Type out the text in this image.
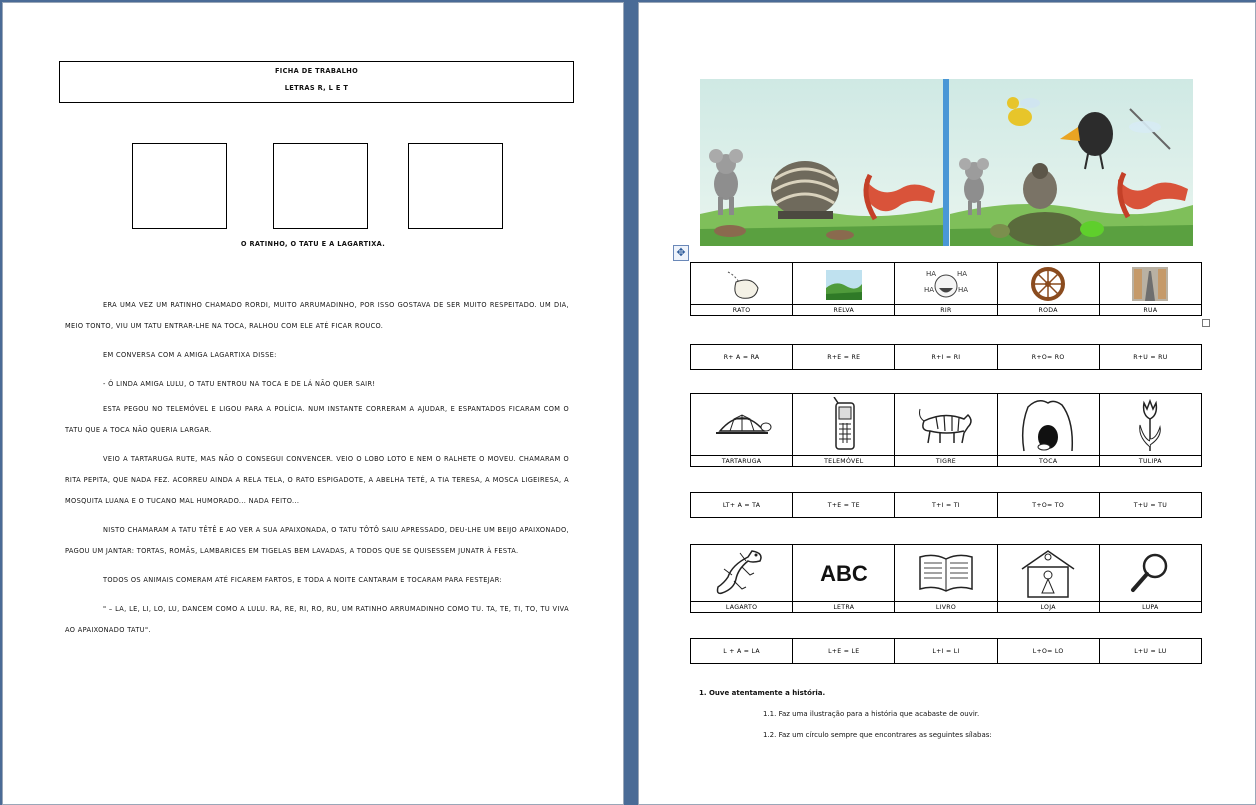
FICHA DE TRABALHO
LETRAS R, L E T
O RATINHO, O TATU E A LAGARTIXA.

ERA UMA VEZ UM RATINHO CHAMADO RORDI, MUITO ARRUMADINHO, POR ISSO GOSTAVA DE SER MUITO RESPEITADO. UM DIA, MEIO TONTO, VIU UM TATU ENTRAR-LHE NA TOCA, RALHOU COM ELE ATÉ FICAR ROUCO.

EM CONVERSA COM A AMIGA LAGARTIXA DISSE:

- Ó LINDA AMIGA LULU, O TATU ENTROU NA TOCA E DE LÁ NÃO QUER SAIR!

ESTA PEGOU NO TELEMÓVEL E LIGOU PARA A POLÍCIA. NUM INSTANTE CORRERAM A AJUDAR, E ESPANTADOS FICARAM COM O TATU QUE A TOCA NÃO QUERIA LARGAR.

VEIO A TARTARUGA RUTE, MAS NÃO O CONSEGUI CONVENCER. VEIO O LOBO LOTO E NEM O RALHETE O MOVEU. CHAMARAM O RITA PEPITA, QUE NADA FEZ. ACORREU AINDA A RELA TELA, O RATO ESPIGADOTE, A ABELHA TETÉ, A TIA TERESA, A MOSCA LIGEIRESA, A MOSQUITA LUANA E O TUCANO MAL HUMORADO... NADA FEITO...

NISTO CHAMARAM A TATU TÊTÊ E AO VER A SUA APAIXONADA, O TATU TÔTÔ SAIU APRESSADO, DEU-LHE UM BEIJO APAIXONADO, PAGOU UM JANTAR: TORTAS, ROMÃS, LAMBARICES EM TIGELAS BEM LAVADAS, A TODOS QUE SE QUISESSEM JUNATR À FESTA.

TODOS OS ANIMAIS COMERAM ATÉ FICAREM FARTOS, E TODA A NOITE CANTARAM E TOCARAM PARA FESTEJAR:

" – LA, LE, LI, LO, LU, DANCEM COMO A LULU. RA, RE, RI, RO, RU, UM RATINHO ARRUMADINHO COMO TU. TA, TE, TI, TO, TU VIVA AO APAIXONADO TATU".

✥

HA HA
HA HA

RATO	RELVA	RIR	RODA	RUA
R+ A = RA	R+E = RE	R+I = RI	R+O= RO	R+U = RU

TARTARUGA	TELEMÓVEL	TIGRE	TOCA	TULIPA
LT+ A = TA	T+E = TE	T+I = TI	T+O= TO	T+U = TU

ABC

LAGARTO	LETRA	LIVRO	LOJA	LUPA
L + A = LA	L+E = LE	L+I = LI	L+O= LO	L+U = LU
1. Ouve atentamente a história.
1.1. Faz uma ilustração para a história que acabaste de ouvir.
1.2. Faz um círculo sempre que encontrares as seguintes sílabas:
